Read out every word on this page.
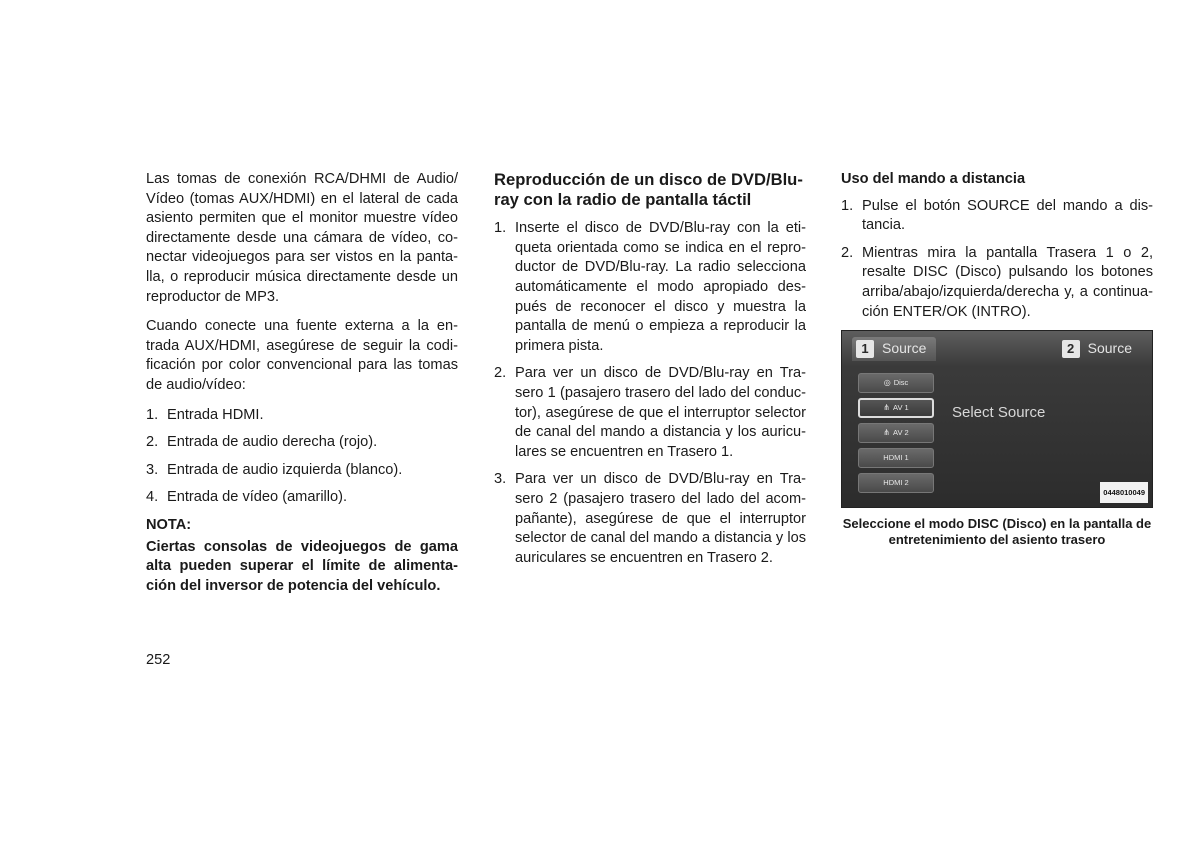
Las tomas de conexión RCA/DHMI de Audio/ Vídeo (tomas AUX/HDMI) en el lateral de cada asiento permiten que el monitor muestre vídeo directamente desde una cámara de vídeo, co- nectar videojuegos para ser vistos en la panta- lla, o reproducir música directamente desde un reproductor de MP3.

Cuando conecte una fuente externa a la en- trada AUX/HDMI, asegúrese de seguir la codi- ficación por color convencional para las tomas de audio/vídeo:

1. Entrada HDMI.
2. Entrada de audio derecha (rojo).
3. Entrada de audio izquierda (blanco).
4. Entrada de vídeo (amarillo).
NOTA:

Ciertas consolas de videojuegos de gama alta pueden superar el límite de alimenta- ción del inversor de potencia del vehículo.

Reproducción de un disco de DVD/Blu-ray con la radio de pantalla táctil
1. Inserte el disco de DVD/Blu-ray con la eti- queta orientada como se indica en el repro- ductor de DVD/Blu-ray. La radio selecciona automáticamente el modo apropiado des- pués de reconocer el disco y muestra la pantalla de menú o empieza a reproducir la primera pista.
2. Para ver un disco de DVD/Blu-ray en Tra- sero 1 (pasajero trasero del lado del conduc- tor), asegúrese de que el interruptor selector de canal del mando a distancia y los auricu- lares se encuentren en Trasero 1.
3. Para ver un disco de DVD/Blu-ray en Tra- sero 2 (pasajero trasero del lado del acom- pañante), asegúrese de que el interruptor selector de canal del mando a distancia y los auriculares se encuentren en Trasero 2.
Uso del mando a distancia
1. Pulse el botón SOURCE del mando a dis- tancia.
2. Mientras mira la pantalla Trasera 1 o 2, resalte DISC (Disco) pulsando los botones arriba/abajo/izquierda/derecha y, a continua- ción ENTER/OK (INTRO).
1 Source	2 Source
◎ Disc
⋔ AV 1
⋔ AV 2
HDMI 1
HDMI 2
Select Source
0448010049
Seleccione el modo DISC (Disco) en la pantalla de entretenimiento del asiento trasero
252
